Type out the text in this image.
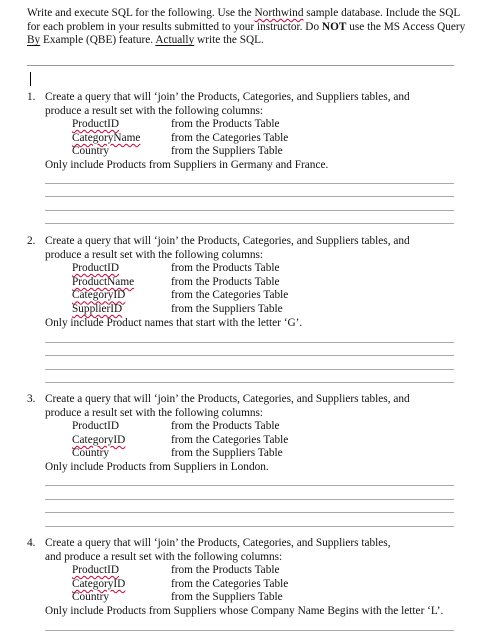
Write and execute SQL for the following. Use the Northwind sample database. Include the SQL for each problem in your results submitted to your instructor. Do NOT use the MS Access Query By Example (QBE) feature. Actually write the SQL.

1. Create a query that will ‘join’ the Products, Categories, and Suppliers tables, and
produce a result set with the following columns:
ProductID	from the Products Table
CategoryName	from the Categories Table
Country	from the Suppliers Table
Only include Products from Suppliers in Germany and France.
2. Create a query that will ‘join’ the Products, Categories, and Suppliers tables, and
produce a result set with the following columns:
ProductID	from the Products Table
ProductName	from the Products Table
CategoryID	from the Categories Table
SupplierID	from the Suppliers Table
Only include Product names that start with the letter ‘G’.
3. Create a query that will ‘join’ the Products, Categories, and Suppliers tables, and
produce a result set with the following columns:
ProductID	from the Products Table
CategoryID	from the Categories Table
Country	from the Suppliers Table
Only include Products from Suppliers in London.
4. Create a query that will ‘join’ the Products, Categories, and Suppliers tables,
and produce a result set with the following columns:
ProductID	from the Products Table
CategoryID	from the Categories Table
Country	from the Suppliers Table
Only include Products from Suppliers whose Company Name Begins with the letter ‘L’.
